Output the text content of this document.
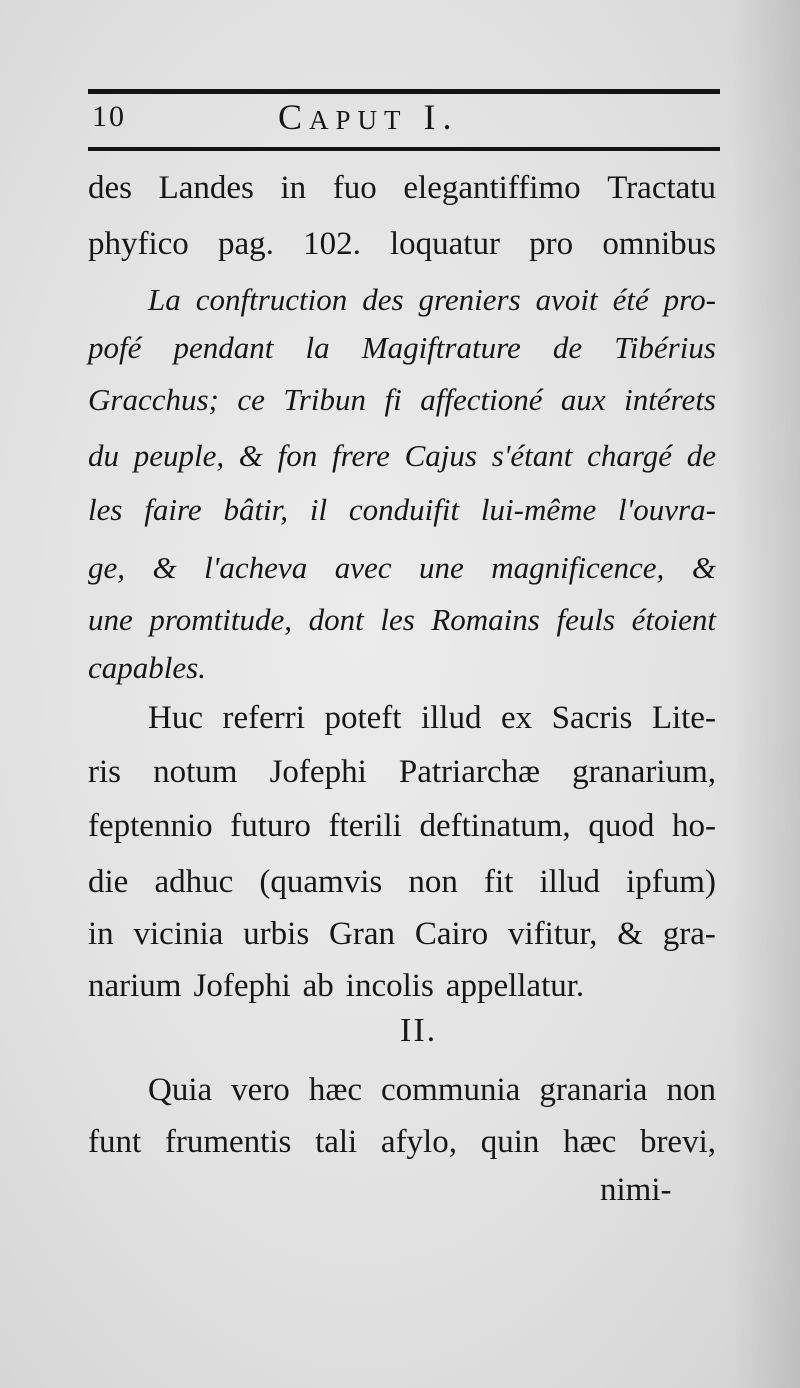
10	CAPUT I.
des Landes in fuo elegantiffimo Tractatu
phyfico pag. 102. loquatur pro omnibus
La conftruction des greniers avoit été pro-
pofé pendant la Magiftrature de Tibérius
Gracchus; ce Tribun fi affectioné aux intérets
du peuple, & fon frere Cajus s'étant chargé de
les faire bâtir, il conduifit lui-même l'ouvra-
ge, & l'acheva avec une magnificence, &
une promtitude, dont les Romains feuls étoient
capables.
Huc referri poteft illud ex Sacris Lite-
ris notum Jofephi Patriarchæ granarium,
feptennio futuro fterili deftinatum, quod ho-
die adhuc (quamvis non fit illud ipfum)
in vicinia urbis Gran Cairo vifitur, & gra-
narium Jofephi ab incolis appellatur.
II.
Quia vero hæc communia granaria non
funt frumentis tali afylo, quin hæc brevi,
nimi-
